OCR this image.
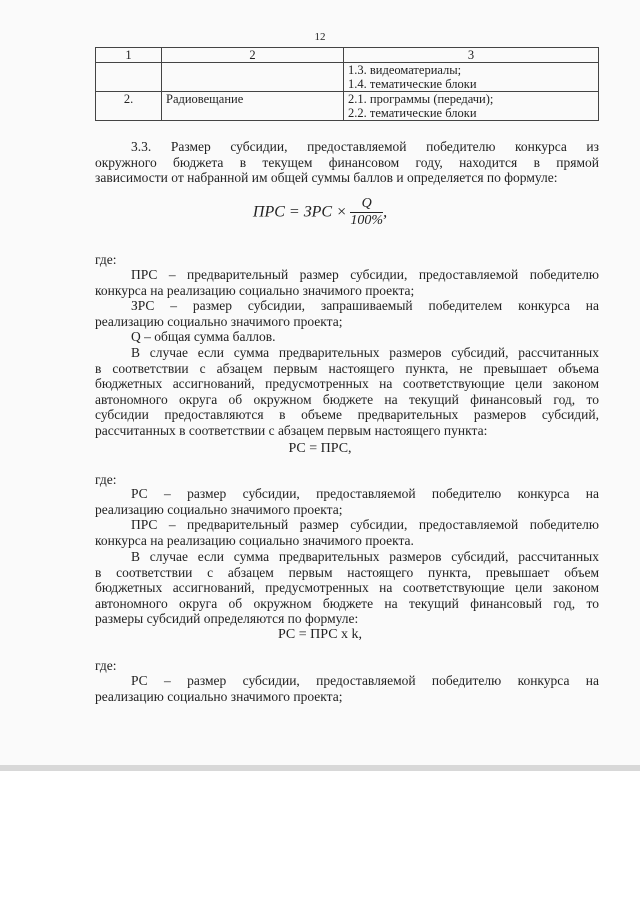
12
1	2	3
		1.3. видеоматериалы;
		1.4. тематические блоки
2.	Радиовещание	2.1. программы (передачи);
		2.2. тематические блоки
3.3. Размер субсидии, предоставляемой победителю конкурса из
окружного бюджета в текущем финансовом году, находится в прямой
зависимости от набранной им общей суммы баллов и определяется по формуле:
ПРС = ЗРС × $\frac{Q}{100\%}$ ,
где:
ПРС – предварительный размер субсидии, предоставляемой победителю
конкурса на реализацию социально значимого проекта;
ЗРС – размер субсидии, запрашиваемый победителем конкурса на
реализацию социально значимого проекта;
Q – общая сумма баллов.
В случае если сумма предварительных размеров субсидий, рассчитанных
в соответствии с абзацем первым настоящего пункта, не превышает объема
бюджетных ассигнований, предусмотренных на соответствующие цели законом
автономного округа об окружном бюджете на текущий финансовый год, то
субсидии предоставляются в объеме предварительных размеров субсидий,
рассчитанных в соответствии с абзацем первым настоящего пункта:
РС = ПРС,
где:
РС – размер субсидии, предоставляемой победителю конкурса на
реализацию социально значимого проекта;
ПРС – предварительный размер субсидии, предоставляемой победителю
конкурса на реализацию социально значимого проекта.
В случае если сумма предварительных размеров субсидий, рассчитанных
в соответствии с абзацем первым настоящего пункта, превышает объем
бюджетных ассигнований, предусмотренных на соответствующие цели законом
автономного округа об окружном бюджете на текущий финансовый год, то
размеры субсидий определяются по формуле:
РС = ПРС х k,
где:
РС – размер субсидии, предоставляемой победителю конкурса на
реализацию социально значимого проекта;
